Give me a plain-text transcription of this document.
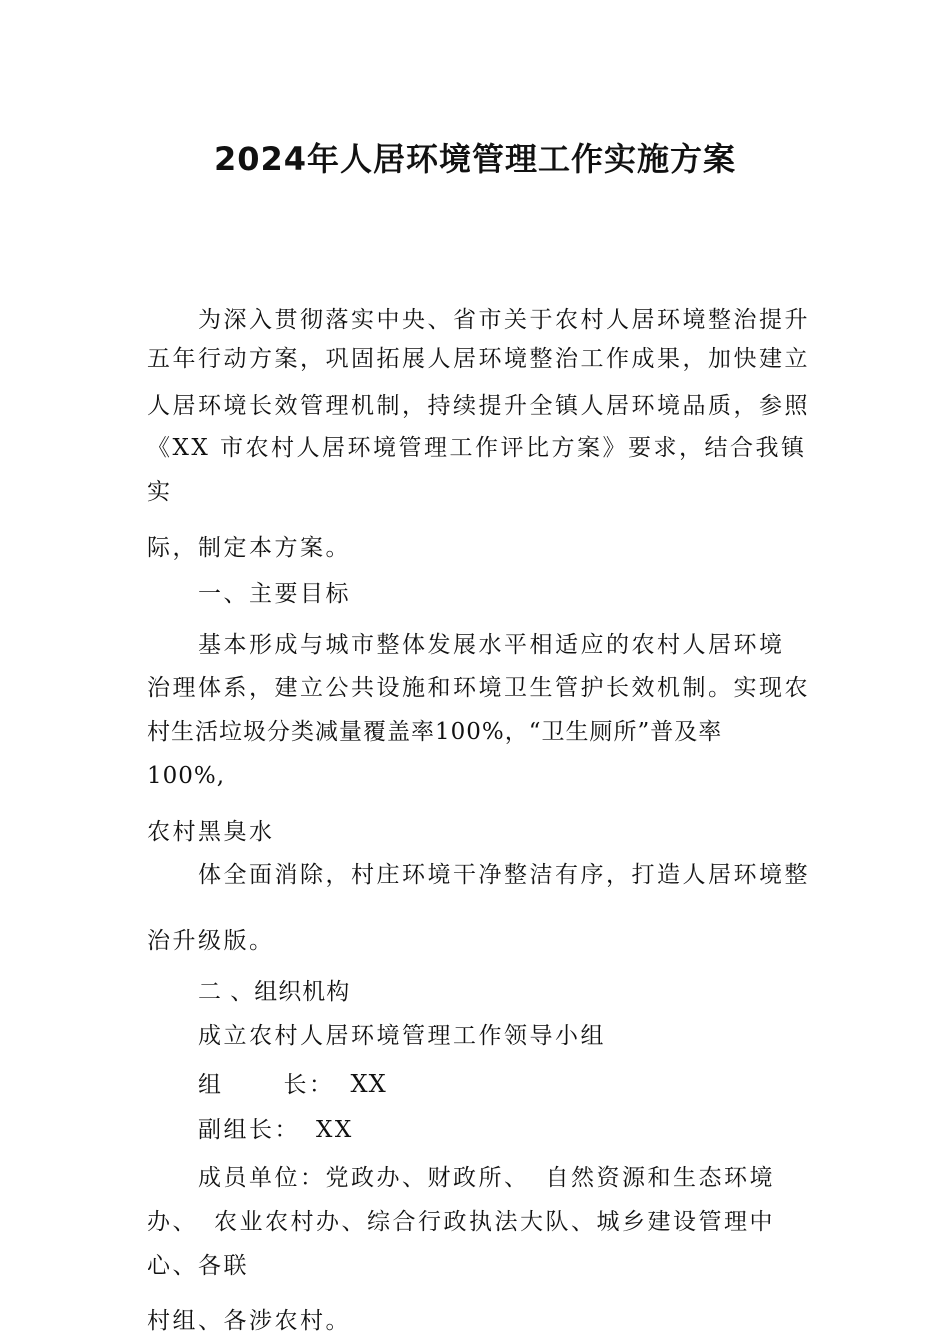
2024年人居环境管理工作实施方案
为深入贯彻落实中央、省市关于农村人居环境整治提升
五年行动方案，巩固拓展人居环境整治工作成果，加快建立
人居环境长效管理机制，持续提升全镇人居环境品质，参照
《XX 市农村人居环境管理工作评比方案》要求，结合我镇
实
际，制定本方案。
一、主要目标
基本形成与城市整体发展水平相适应的农村人居环境
治理体系，建立公共设施和环境卫生管护长效机制。实现农
村生活垃圾分类减量覆盖率100%，“卫生厕所”普及率
100%,
农村黑臭水
体全面消除，村庄环境干净整洁有序，打造人居环境整
治升级版。
二 、组织机构
成立农村人居环境管理工作领导小组
组	长： XX
副组长： XX
成员单位：党政办、财政所、 自然资源和生态环境
办、 农业农村办、综合行政执法大队、城乡建设管理中
心、各联
村组、各涉农村。
